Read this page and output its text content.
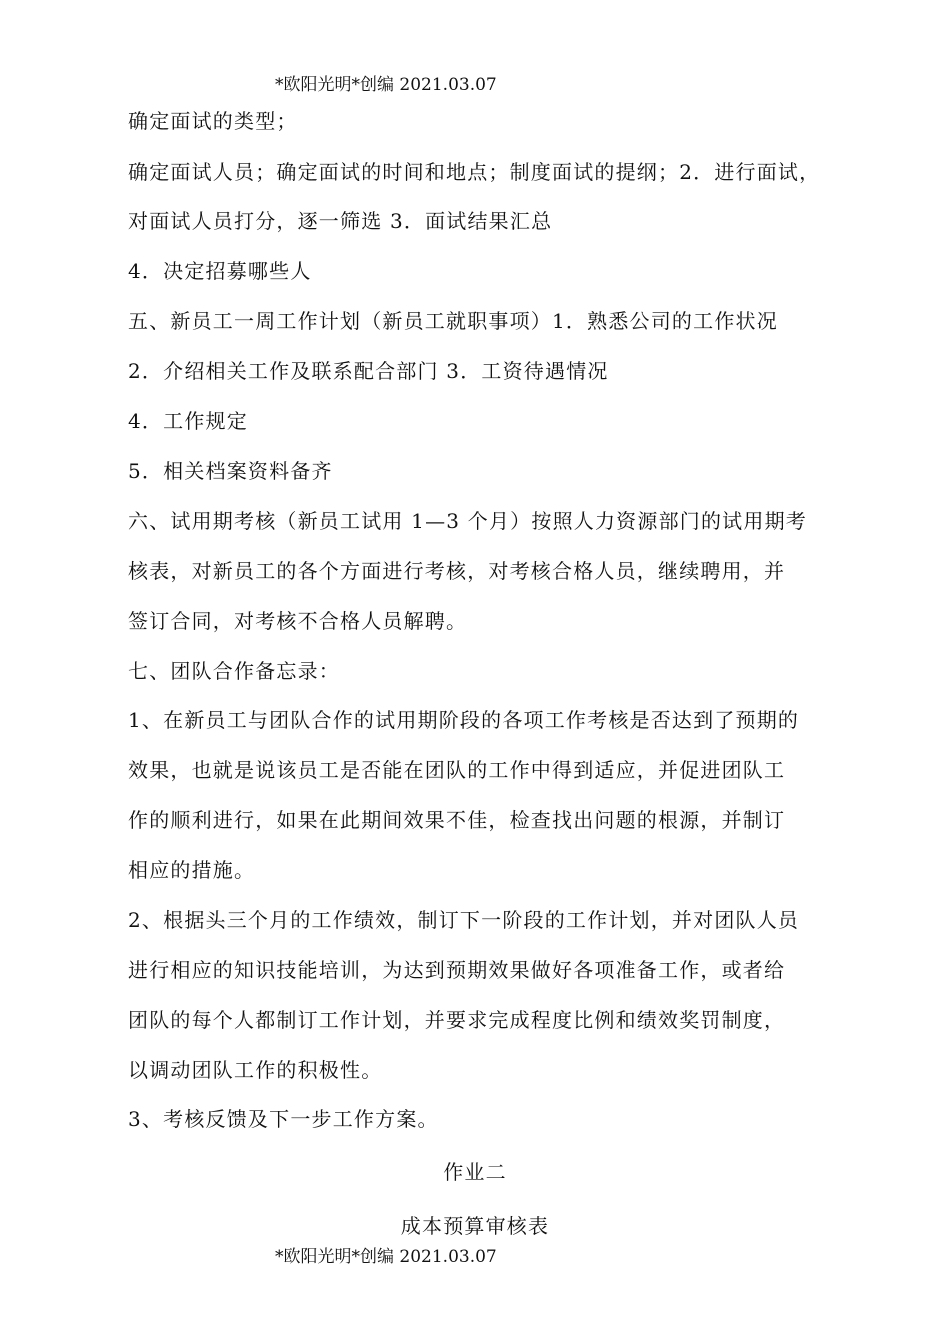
*欧阳光明*创编 2021.03.07
确定面试的类型；
确定面试人员；确定面试的时间和地点；制度面试的提纲；2．进行面试，
对面试人员打分，逐一筛选 3．面试结果汇总
4．决定招募哪些人
五、新员工一周工作计划（新员工就职事项）1．熟悉公司的工作状况
2．介绍相关工作及联系配合部门 3．工资待遇情况
4．工作规定
5．相关档案资料备齐
六、试用期考核（新员工试用 1—3 个月）按照人力资源部门的试用期考
核表，对新员工的各个方面进行考核，对考核合格人员，继续聘用，并
签订合同，对考核不合格人员解聘。
七、团队合作备忘录：
1、在新员工与团队合作的试用期阶段的各项工作考核是否达到了预期的
效果，也就是说该员工是否能在团队的工作中得到适应，并促进团队工
作的顺利进行，如果在此期间效果不佳，检查找出问题的根源，并制订
相应的措施。
2、根据头三个月的工作绩效，制订下一阶段的工作计划，并对团队人员
进行相应的知识技能培训，为达到预期效果做好各项准备工作，或者给
团队的每个人都制订工作计划，并要求完成程度比例和绩效奖罚制度，
以调动团队工作的积极性。
3、考核反馈及下一步工作方案。
作业二
成本预算审核表
*欧阳光明*创编 2021.03.07
